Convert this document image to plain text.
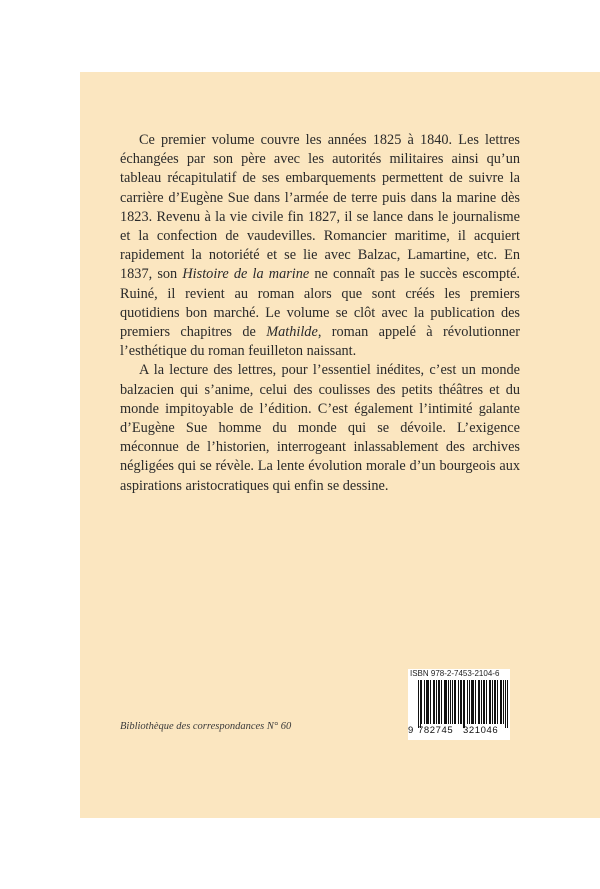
Ce premier volume couvre les années 1825 à 1840. Les lettres échangées par son père avec les autorités militaires ainsi qu’un tableau récapitulatif de ses embarquements permettent de suivre la carrière d’Eugène Sue dans l’armée de terre puis dans la marine dès 1823. Revenu à la vie civile fin 1827, il se lance dans le journalisme et la confection de vaudevilles. Romancier maritime, il acquiert rapidement la notoriété et se lie avec Balzac, Lamartine, etc. En 1837, son Histoire de la marine ne connaît pas le succès escompté. Ruiné, il revient au roman alors que sont créés les premiers quotidiens bon marché. Le volume se clôt avec la publication des premiers chapitres de Mathilde, roman appelé à révolutionner l’esthétique du roman feuilleton naissant.

A la lecture des lettres, pour l’essentiel inédites, c’est un monde balzacien qui s’anime, celui des coulisses des petits théâtres et du monde impitoyable de l’édition. C’est également l’intimité galante d’Eugène Sue homme du monde qui se dévoile. L’exigence méconnue de l’historien, interrogeant inlassablement des archives négligées qui se révèle. La lente évolution morale d’un bourgeois aux aspirations aristocratiques qui enfin se dessine.

Bibliothèque des correspondances N° 60
ISBN 978-2-7453-2104-6
9 782745 321046
